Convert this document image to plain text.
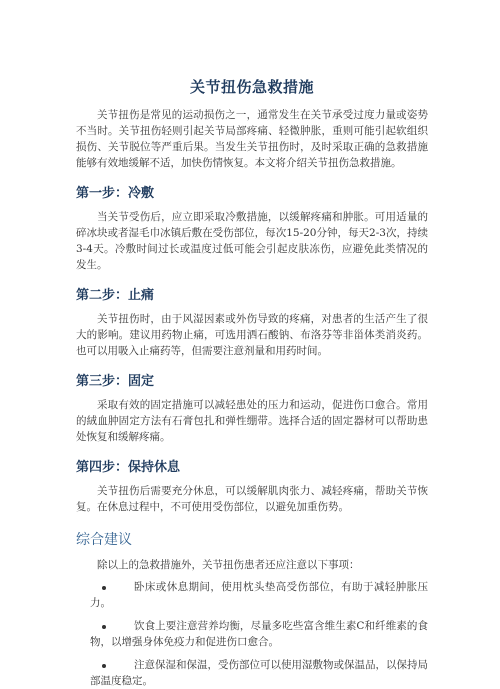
关节扭伤急救措施

关节扭伤是常见的运动损伤之一，通常发生在关节承受过度力量或姿势不当时。关节扭伤轻则引起关节局部疼痛、轻微肿胀，重则可能引起软组织损伤、关节脱位等严重后果。当发生关节扭伤时，及时采取正确的急救措施能够有效地缓解不适，加快伤情恢复。本文将介绍关节扭伤急救措施。

第一步：冷敷

当关节受伤后，应立即采取冷敷措施，以缓解疼痛和肿胀。可用适量的碎冰块或者湿毛巾冰镇后敷在受伤部位，每次15-20分钟，每天2-3次，持续3-4天。冷敷时间过长或温度过低可能会引起皮肤冻伤，应避免此类情况的发生。

第二步：止痛

关节扭伤时，由于风湿因素或外伤导致的疼痛，对患者的生活产生了很大的影响。建议用药物止痛，可选用洒石酸钠、布洛芬等非甾体类消炎药。也可以用吸入止痛药等，但需要注意剂量和用药时间。

第三步：固定

采取有效的固定措施可以减轻患处的压力和运动，促进伤口愈合。常用的絨血肿固定方法有石膏包扎和弹性绷带。选择合适的固定器材可以帮助患处恢复和缓解疼痛。

第四步：保持休息

关节扭伤后需要充分休息，可以缓解肌肉张力、减轻疼痛，帮助关节恢复。在休息过程中，不可使用受伤部位，以避免加重伤势。

综合建议

除以上的急救措施外，关节扭伤患者还应注意以下事项：

卧床或休息期间，使用枕头垫高受伤部位，有助于减轻肿胀压力。
饮食上要注意营养均衡，尽量多吃些富含维生素C和纤维素的食物，以增强身体免疫力和促进伤口愈合。
注意保湿和保温，受伤部位可以使用湿敷物或保温品，以保持局部温度稳定。
